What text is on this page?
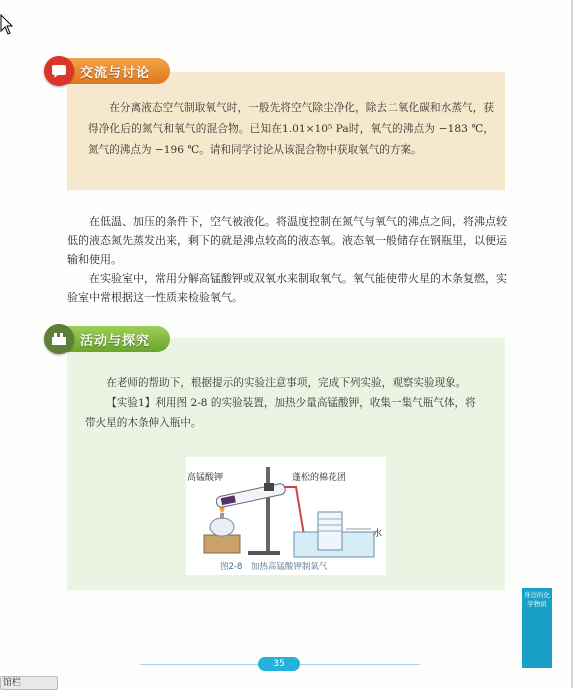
交流与讨论

在分离液态空气制取氧气时，一般先将空气除尘净化，除去二氧化碳和水蒸气，获得净化后的氮气和氧气的混合物。已知在1.01×10⁵ Pa时，氧气的沸点为 −183 ℃，氮气的沸点为 −196 ℃。请和同学讨论从该混合物中获取氧气的方案。

在低温、加压的条件下，空气被液化。将温度控制在氮气与氧气的沸点之间，将沸点较低的液态氮先蒸发出来，剩下的就是沸点较高的液态氧。液态氧一般储存在钢瓶里，以便运输和使用。

在实验室中，常用分解高锰酸钾或双氧水来制取氧气。氧气能使带火星的木条复燃，实验室中常根据这一性质来检验氧气。

活动与探究

在老师的帮助下，根据提示的实验注意事项，完成下列实验，观察实验现象。

【实验1】利用图 2-8 的实验装置，加热少量高锰酸钾，收集一集气瓶气体，将带火星的木条伸入瓶中。

高锰酸钾	蓬松的棉花团
水
图2-8　加热高锰酸钾制氧气
身边的化学物质
35
馆栏
